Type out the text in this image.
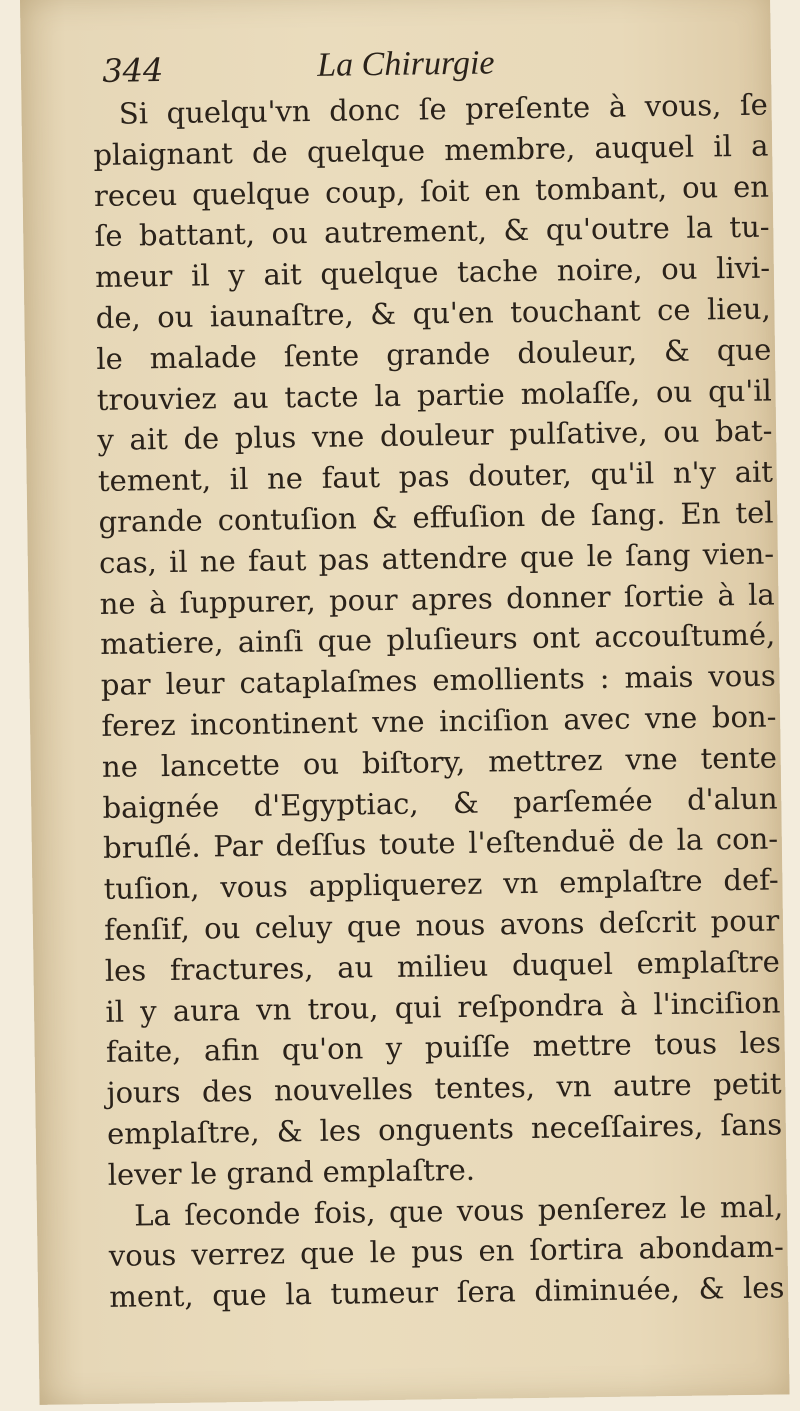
344	La Chirurgie
Si quelqu'vn donc ſe preſente à vous, ſe
plaignant de quelque membre, auquel il a
receu quelque coup, ſoit en tombant, ou en
ſe battant, ou autrement, & qu'outre la tu-
meur il y ait quelque tache noire, ou livi-
de, ou iaunaſtre, & qu'en touchant ce lieu,
le malade ſente grande douleur, & que
trouviez au tacte la partie molaſſe, ou qu'il
y ait de plus vne douleur pulſative, ou bat-
tement, il ne faut pas douter, qu'il n'y ait
grande contuſion & effuſion de ſang. En tel
cas, il ne faut pas attendre que le ſang vien-
ne à ſuppurer, pour apres donner ſortie à la
matiere, ainſi que pluſieurs ont accouſtumé,
par leur cataplaſmes emollients : mais vous
ferez incontinent vne inciſion avec vne bon-
ne lancette ou biſtory, mettrez vne tente
baignée d'Egyptiac, & parſemée d'alun
bruſlé. Par deſſus toute l'eſtenduë de la con-
tuſion, vous appliquerez vn emplaſtre def-
fenſif, ou celuy que nous avons deſcrit pour
les fractures, au milieu duquel emplaſtre
il y aura vn trou, qui reſpondra à l'inciſion
faite, afin qu'on y puiſſe mettre tous les
jours des nouvelles tentes, vn autre petit
emplaſtre, & les onguents neceſſaires, ſans
lever le grand emplaſtre.
La ſeconde fois, que vous penſerez le mal,
vous verrez que le pus en ſortira abondam-
ment, que la tumeur ſera diminuée, & les
